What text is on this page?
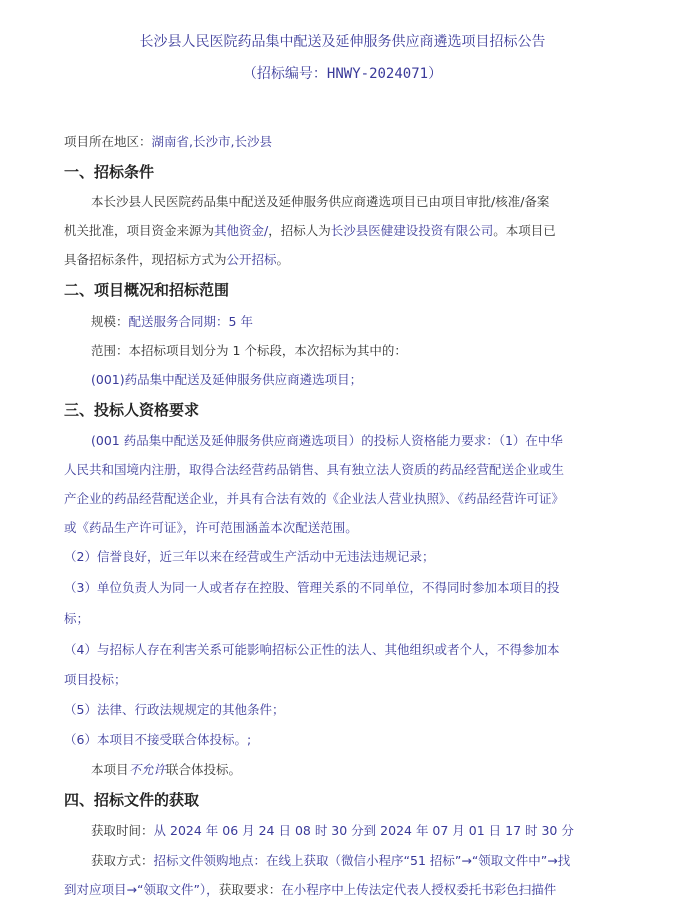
长沙县人民医院药品集中配送及延伸服务供应商遴选项目招标公告
（招标编号：HNWY-2024071）
项目所在地区：湖南省,长沙市,长沙县
一、招标条件
本长沙县人民医院药品集中配送及延伸服务供应商遴选项目已由项目审批/核准/备案
机关批准，项目资金来源为其他资金/，招标人为长沙县医健建设投资有限公司。本项目已
具备招标条件，现招标方式为公开招标。
二、项目概况和招标范围
规模：配送服务合同期：5 年
范围：本招标项目划分为 1 个标段，本次招标为其中的：
(001)药品集中配送及延伸服务供应商遴选项目；
三、投标人资格要求
(001 药品集中配送及延伸服务供应商遴选项目）的投标人资格能力要求：（1）在中华
人民共和国境内注册，取得合法经营药品销售、具有独立法人资质的药品经营配送企业或生
产企业的药品经营配送企业，并具有合法有效的《企业法人营业执照》、《药品经营许可证》
或《药品生产许可证》，许可范围涵盖本次配送范围。
（2）信誉良好，近三年以来在经营或生产活动中无违法违规记录；
（3）单位负责人为同一人或者存在控股、管理关系的不同单位，不得同时参加本项目的投
标；
（4）与招标人存在利害关系可能影响招标公正性的法人、其他组织或者个人，不得参加本
项目投标；
（5）法律、行政法规规定的其他条件；
（6）本项目不接受联合体投标。;
本项目不允许联合体投标。
四、招标文件的获取
获取时间：从 2024 年 06 月 24 日 08 时 30 分到 2024 年 07 月 01 日 17 时 30 分
获取方式：招标文件领购地点：在线上获取（微信小程序“51 招标”→“领取文件中”→找
到对应项目→“领取文件”），获取要求：在小程序中上传法定代表人授权委托书彩色扫描件
